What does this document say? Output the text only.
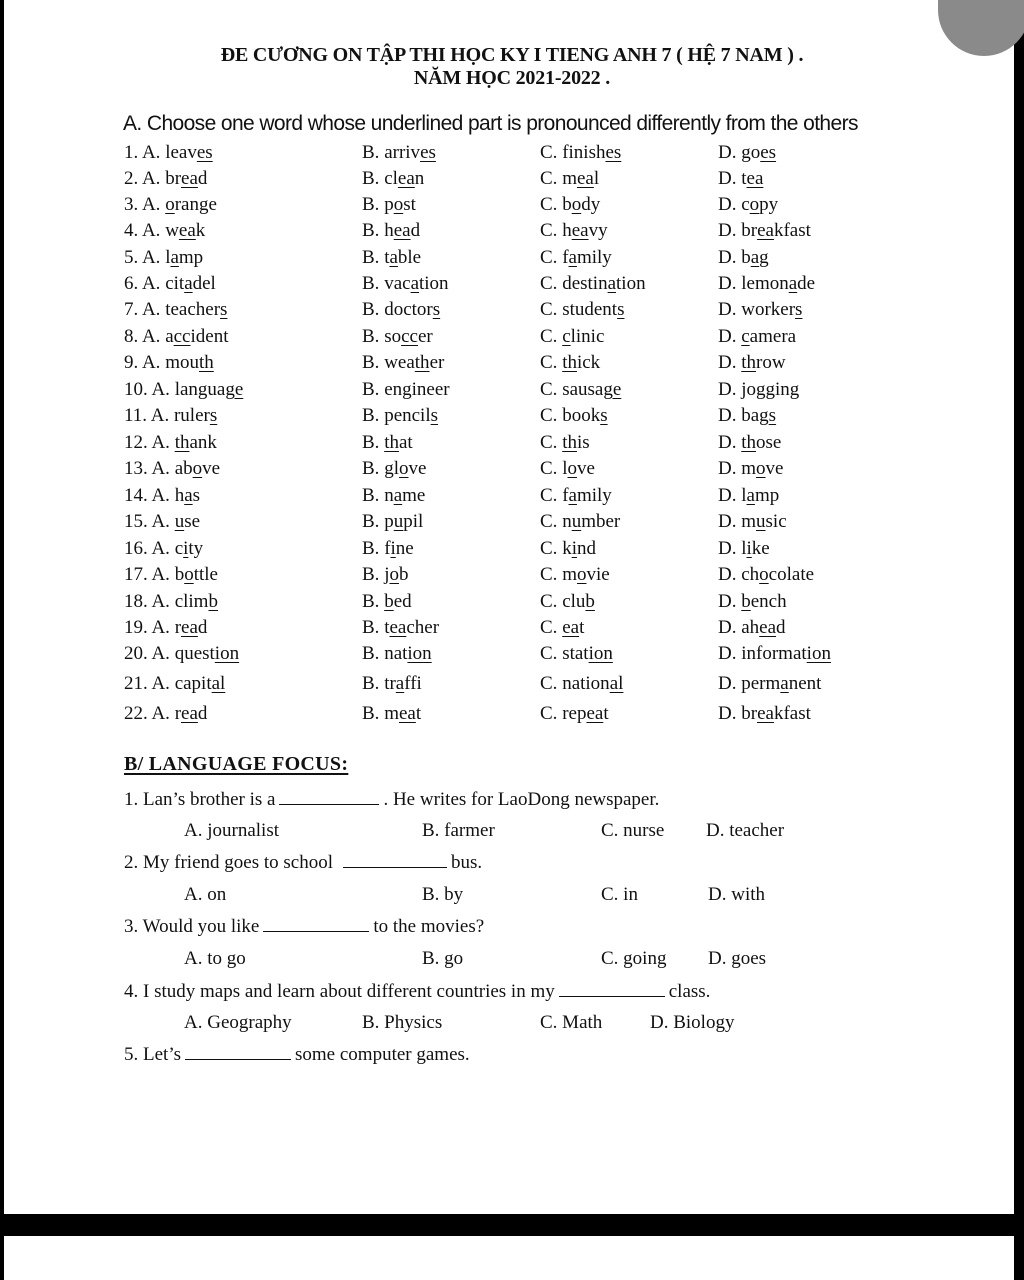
ĐE CƯƠNG ON TẬP THI HỌC KY I TIENG ANH 7 ( HỆ 7 NAM ) .
NĂM HỌC 2021-2022 .
A. Choose one word whose underlined part is pronounced differently from the others
1. A. leaves	B. arrives	C. finishes	D. goes
2. A. bread	B. clean	C. meal	D. tea
3. A. orange	B. post	C. body	D. copy
4. A. weak	B. head	C. heavy	D. breakfast
5. A. lamp	B. table	C. family	D. bag
6. A. citadel	B. vacation	C. destination	D. lemonade
7. A. teachers	B. doctors	C. students	D. workers
8. A. accident	B. soccer	C. clinic	D. camera
9. A. mouth	B. weather	C. thick	D. throw
10. A. language	B. engineer	C. sausage	D. jogging
11. A. rulers	B. pencils	C. books	D. bags
12. A. thank	B. that	C. this	D. those
13. A. above	B. glove	C. love	D. move
14. A. has	B. name	C. family	D. lamp
15. A. use	B. pupil	C. number	D. music
16. A. city	B. fine	C. kind	D. like
17. A. bottle	B. job	C. movie	D. chocolate
18. A. climb	B. bed	C. club	D. bench
19. A. read	B. teacher	C. eat	D. ahead
20. A. question	B. nation	C. station	D. information
21. A. capital	B. traffi	C. national	D. permanent
22. A. read	B. meat	C. repeat	D. breakfast
B/ LANGUAGE FOCUS:
1. Lan’s brother is a	. He writes for LaoDong newspaper.
A. journalist	B. farmer	C. nurse D. teacher
2. My friend goes to school	bus.
A. on	B. by	C. in	D. with
3. Would you like	to the movies?
A. to go	B. go	C. going D. goes
4. I study maps and learn about different countries in my	class.
A. Geography	B. Physics	C. Math	D. Biology
5. Let’s	some computer games.
